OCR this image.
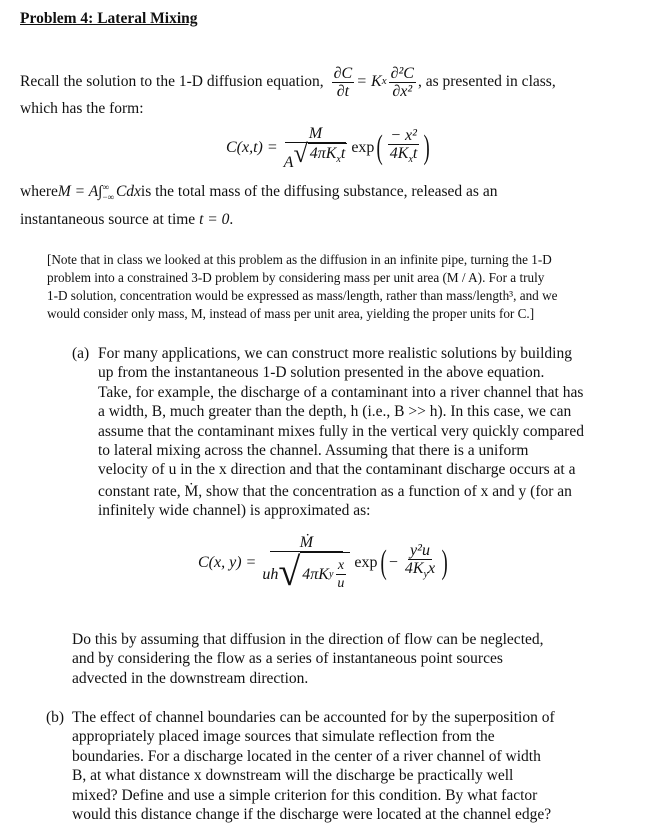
Problem 4: Lateral Mixing
Recall the solution to the 1-D diffusion equation, $\frac{\partial C}{\partial t} = K$ x $\frac{\text{∂²C}}{\text{∂x²}}$ , as presented in class,
which has the form:
$C(x,t) = \frac{M}{A √ 4\pi K_xt}$ exp ( $\frac{\text{− x²}}{4K_xt}$ )
where M = A∫ ∞
−∞ Cdx is the total mass of the diffusing substance, released as an
instantaneous source at time t = 0.
[Note that in class we looked at this problem as the diffusion in an infinite pipe, turning the 1-D
problem into a constrained 3-D problem by considering mass per unit area (M / A). For a truly
1-D solution, concentration would be expressed as mass/length, rather than mass/length³, and we
would consider only mass, M, instead of mass per unit area, yielding the proper units for C.]
(a) For many applications, we can construct more realistic solutions by building
up from the instantaneous 1-D solution presented in the above equation.
Take, for example, the discharge of a contaminant into a river channel that has
a width, B, much greater than the depth, h (i.e., B >> h). In this case, we can
assume that the contaminant mixes fully in the vertical very quickly compared
to lateral mixing across the channel. Assuming that there is a uniform
velocity of u in the x direction and that the contaminant discharge occurs at a
constant rate, Ṁ, show that the concentration as a function of x and y (for an
infinitely wide channel) is approximated as:
C(x, y) =
Ṁ
uh √ 4πK y $\frac{x}{u}$ exp ( − $\frac{\text{y²u}}{4K_yx}$ )
Do this by assuming that diffusion in the direction of flow can be neglected,
and by considering the flow as a series of instantaneous point sources
advected in the downstream direction.
(b) The effect of channel boundaries can be accounted for by the superposition of
appropriately placed image sources that simulate reflection from the
boundaries. For a discharge located in the center of a river channel of width
B, at what distance x downstream will the discharge be practically well
mixed? Define and use a simple criterion for this condition. By what factor
would this distance change if the discharge were located at the channel edge?
